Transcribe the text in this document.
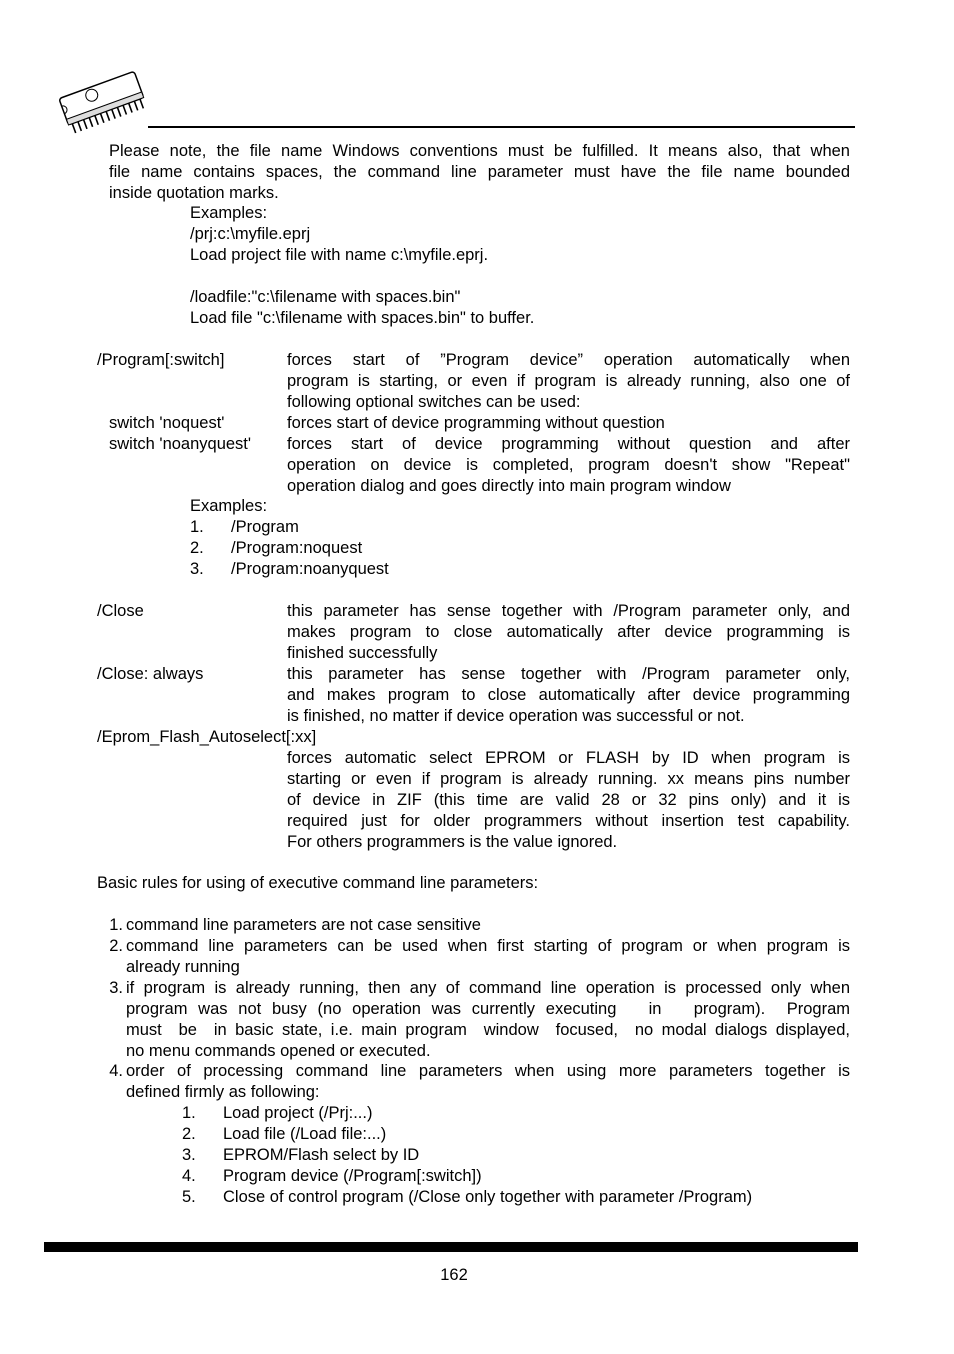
Please note, the file name Windows conventions must be fulfilled. It means also, that when
file name contains spaces, the command line parameter must have the file name bounded
inside quotation marks.
Examples:
/prj:c:\myfile.eprj
Load project file with name c:\myfile.eprj.
/loadfile:"c:\filename with spaces.bin"
Load file "c:\filename with spaces.bin" to buffer.
/Program[:switch]	forces start of ”Program device” operation automatically when
program is starting, or even if program is already running, also one of
following optional switches can be used:
switch 'noquest'	forces start of device programming without question
switch 'noanyquest' forces start of device programming without question and after
operation on device is completed, program doesn't show "Repeat"
operation dialog and goes directly into main program window
Examples:
1. /Program
2. /Program:noquest
3. /Program:noanyquest
/Close	this parameter has sense together with /Program parameter only, and
makes program to close automatically after device programming is
finished successfully
/Close: always	this parameter has sense together with /Program parameter only,
and makes program to close automatically after device programming
is finished, no matter if device operation was successful or not.
/Eprom_Flash_Autoselect[:xx]
forces automatic select EPROM or FLASH by ID when program is
starting or even if program is already running. xx means pins number
of device in ZIF (this time are valid 28 or 32 pins only) and it is
required just for older programmers without insertion test capability.
For others programmers is the value ignored.
Basic rules for using of executive command line parameters:
1. command line parameters are not case sensitive
2. command line parameters can be used when first starting of program or when program is
already running
3. if program is already running, then any of command line operation is processed only when
program was not busy (no operation was currently executing   in   program).  Program
must  be  in basic state, i.e. main program  window  focused,  no modal dialogs displayed,
no menu commands opened or executed.
4. order of processing command line parameters when using more parameters together is
defined firmly as following:
1. Load project (/Prj:...)
2. Load file (/Load file:...)
3. EPROM/Flash select by ID
4. Program device (/Program[:switch])
5. Close of control program (/Close only together with parameter /Program)
162
